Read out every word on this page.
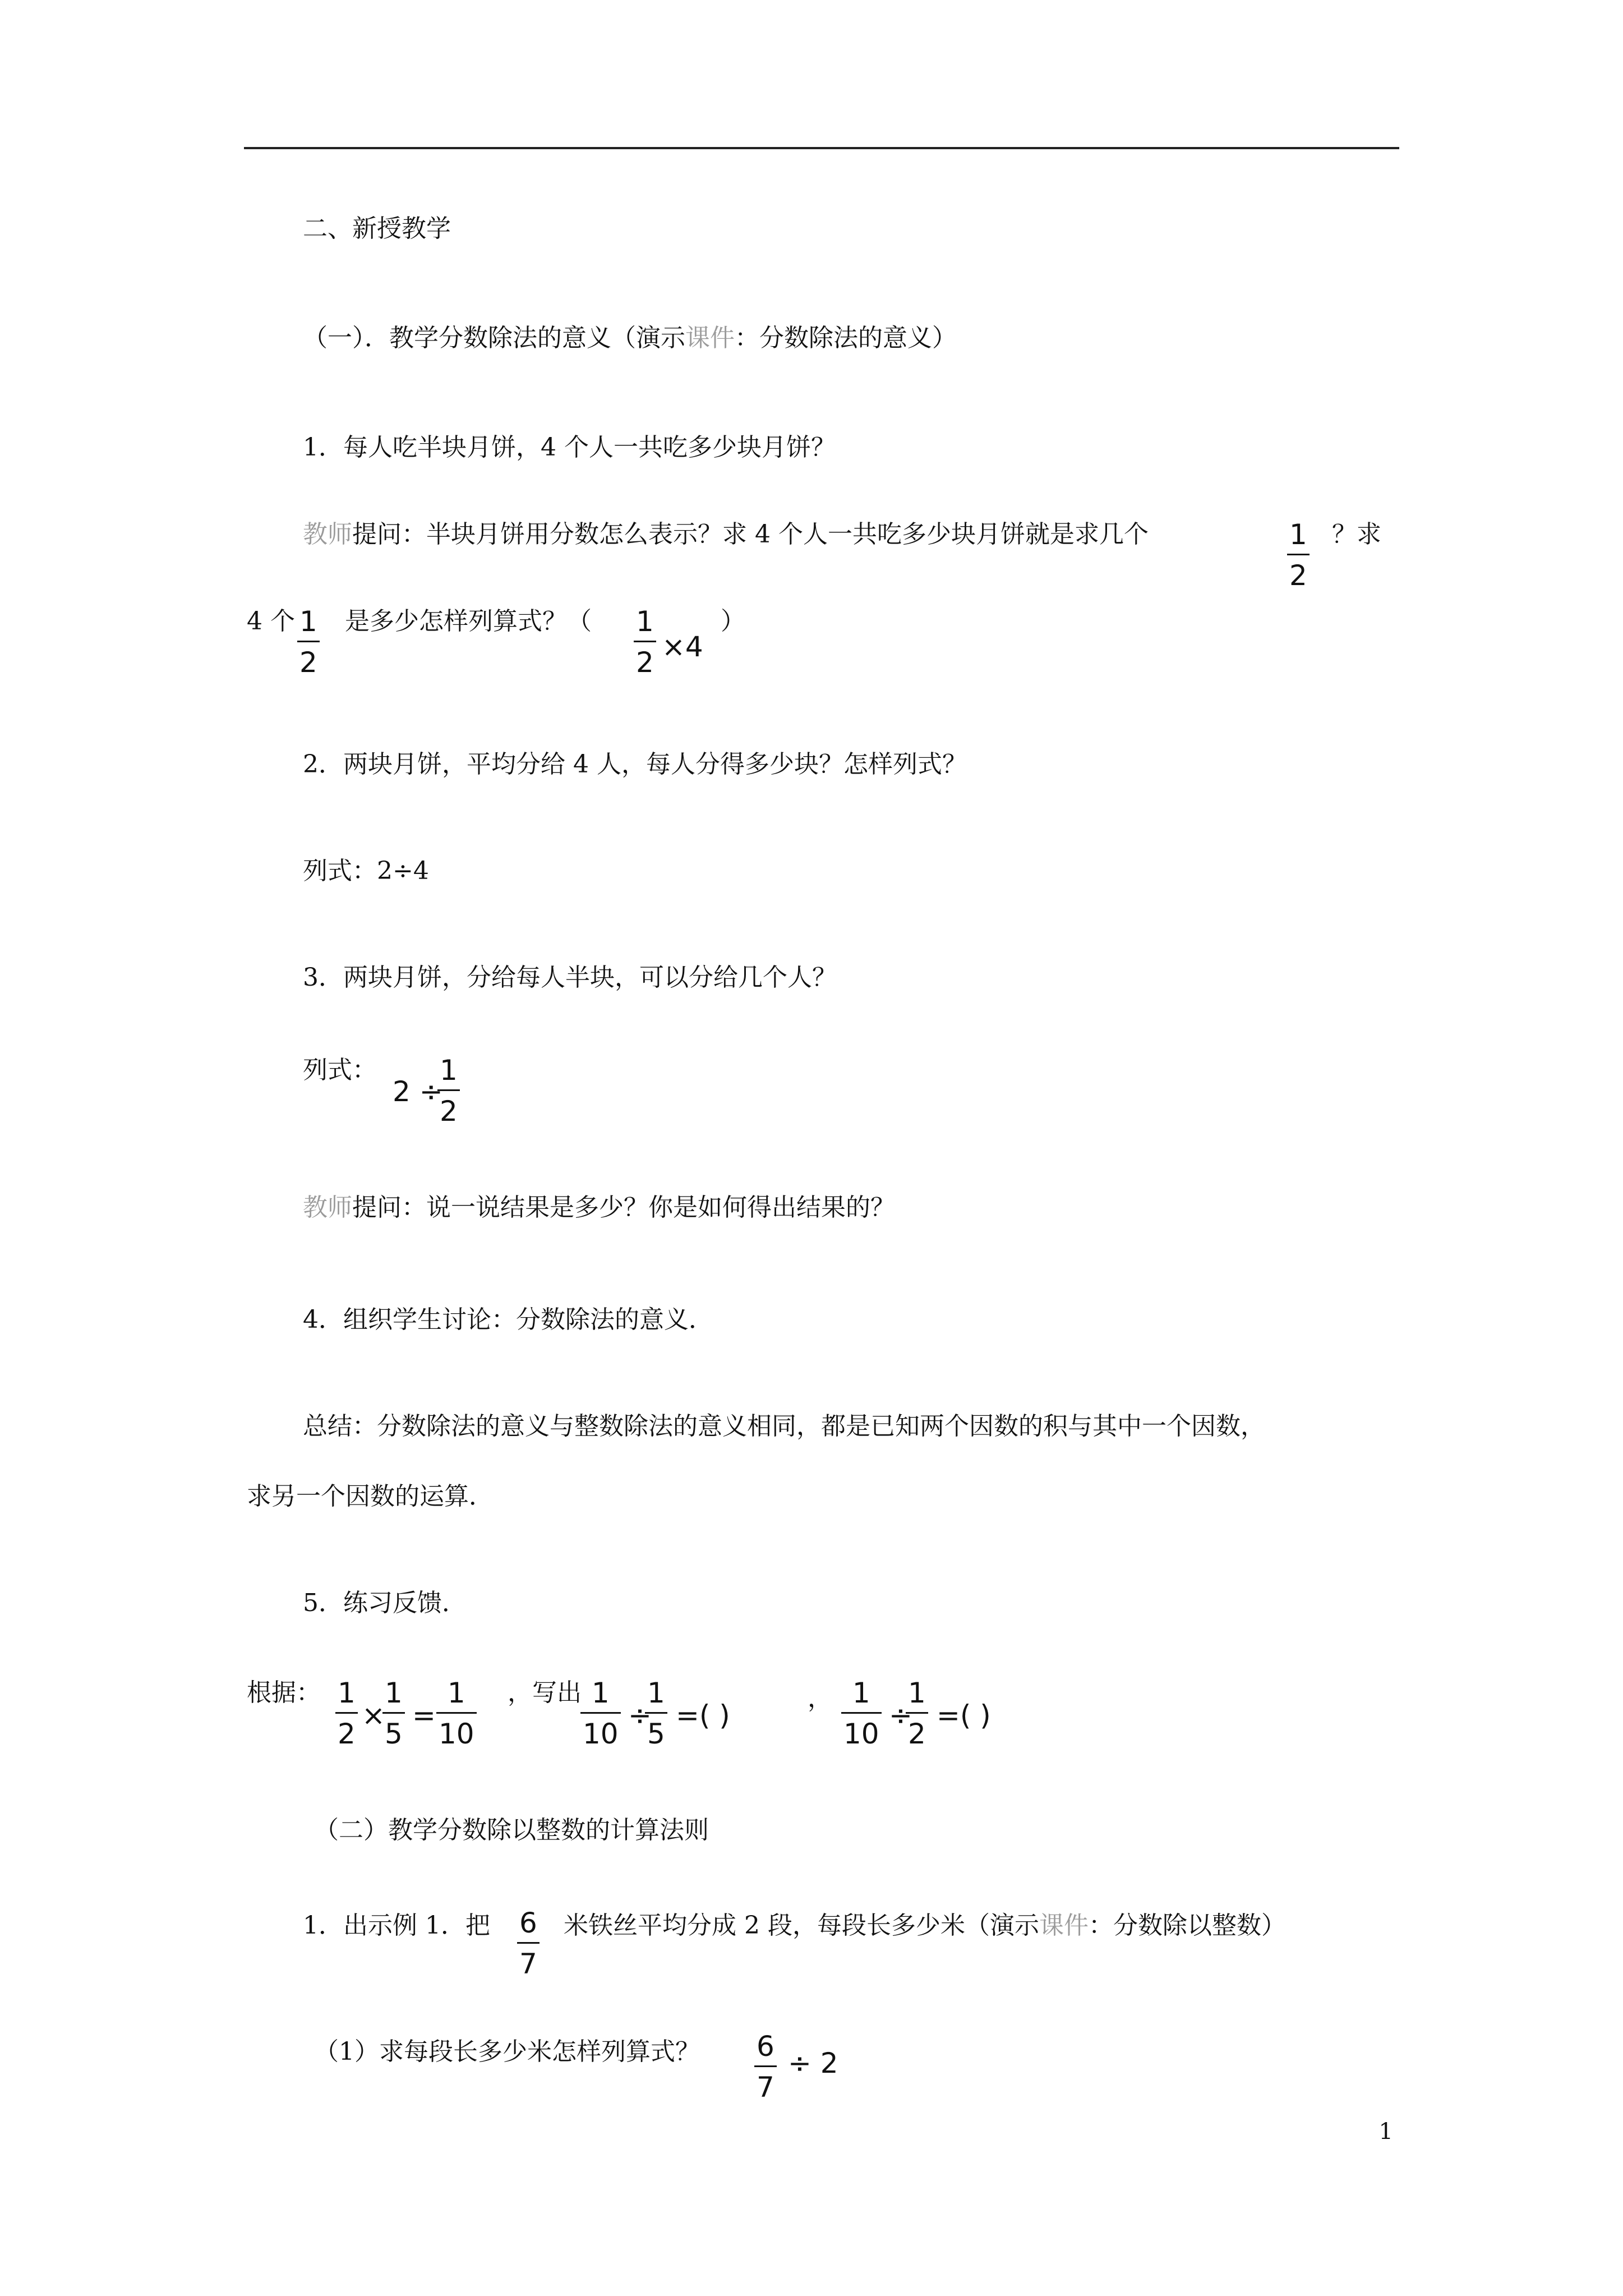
二、新授教学
（一）．教学分数除法的意义（演示课件：分数除法的意义）
1．每人吃半块月饼，4 个人一共吃多少块月饼？
教师提问：半块月饼用分数怎么表示？求 4 个人一共吃多少块月饼就是求几个	1
2
？求
4 个 1
2
是多少怎样列算式？（ 1
2 ×4
）
2．两块月饼，平均分给 4 人，每人分得多少块？怎样列式？
列式：2÷4
3．两块月饼，分给每人半块，可以分给几个人？
列式：
2 ÷
1
2
教师提问：说一说结果是多少？你是如何得出结果的？
4．组织学生讨论：分数除法的意义．
总结：分数除法的意义与整数除法的意义相同，都是已知两个因数的积与其中一个因数，
求另一个因数的运算．
5．练习反馈．
根据： 1
2
×
1
5
=
1
10
，写出 1
10
÷
1
5
=( )
， 1
10
÷
1
2
=( )
（二）教学分数除以整数的计算法则
1．出示例 1．把 6
7
米铁丝平均分成 2 段，每段长多少米（演示课件：分数除以整数）
（1）求每段长多少米怎样列算式？ 6
7
÷ 2
1
